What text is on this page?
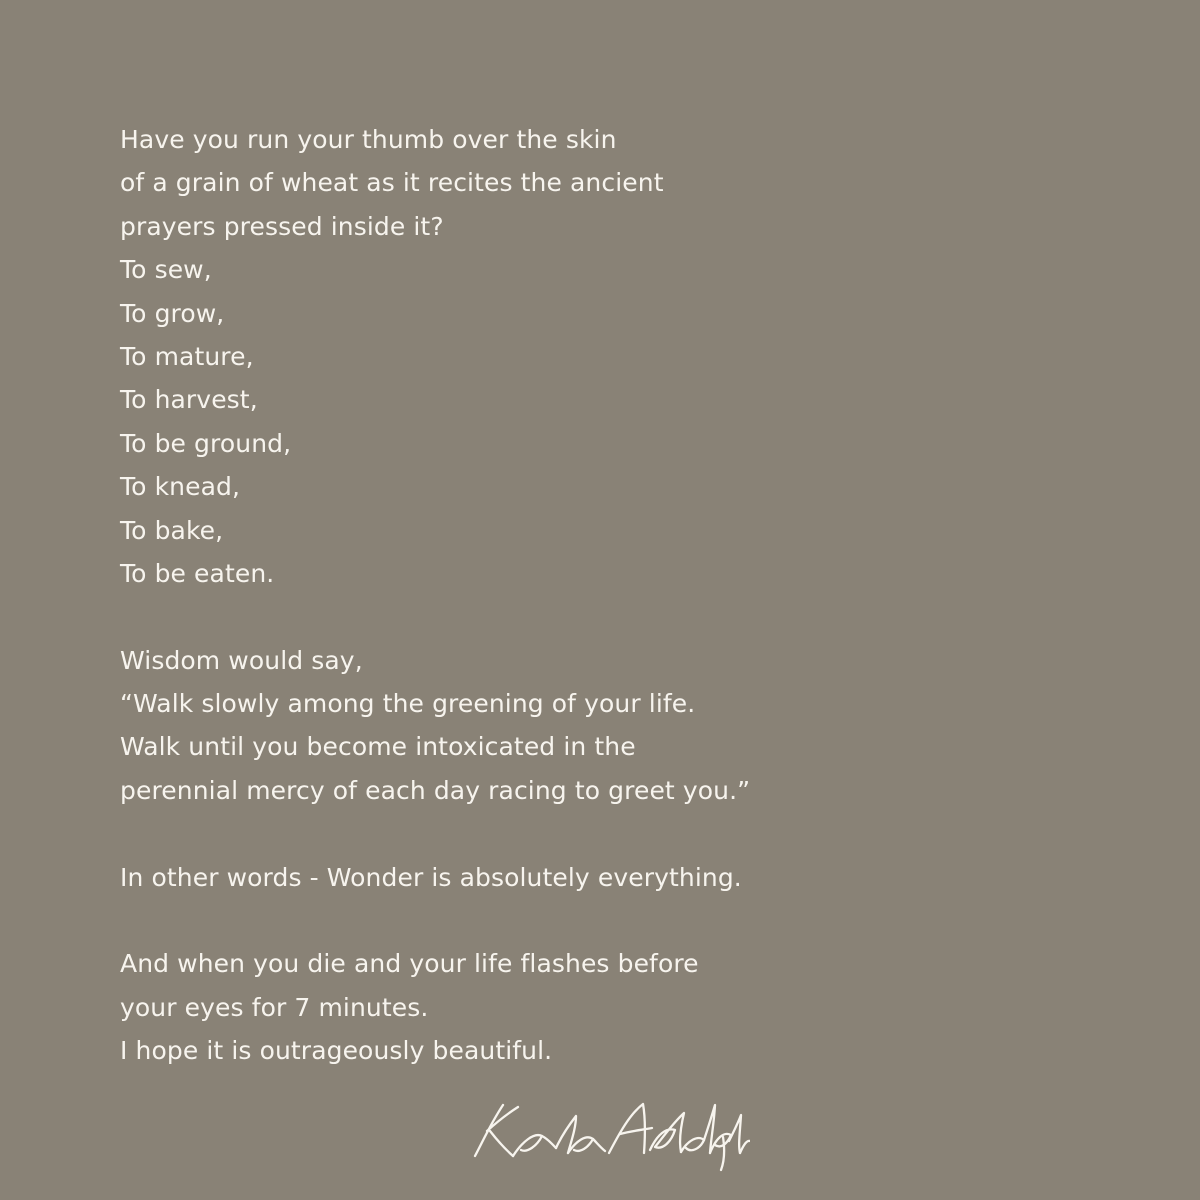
Have you run your thumb over the skin
of a grain of wheat as it recites the ancient
prayers pressed inside it?
To sew,
To grow,
To mature,
To harvest,
To be ground,
To knead,
To bake,
To be eaten.
Wisdom would say,
“Walk slowly among the greening of your life.
Walk until you become intoxicated in the
perennial mercy of each day racing to greet you.”
In other words - Wonder is absolutely everything.
And when you die and your life flashes before
your eyes for 7 minutes.
I hope it is outrageously beautiful.
